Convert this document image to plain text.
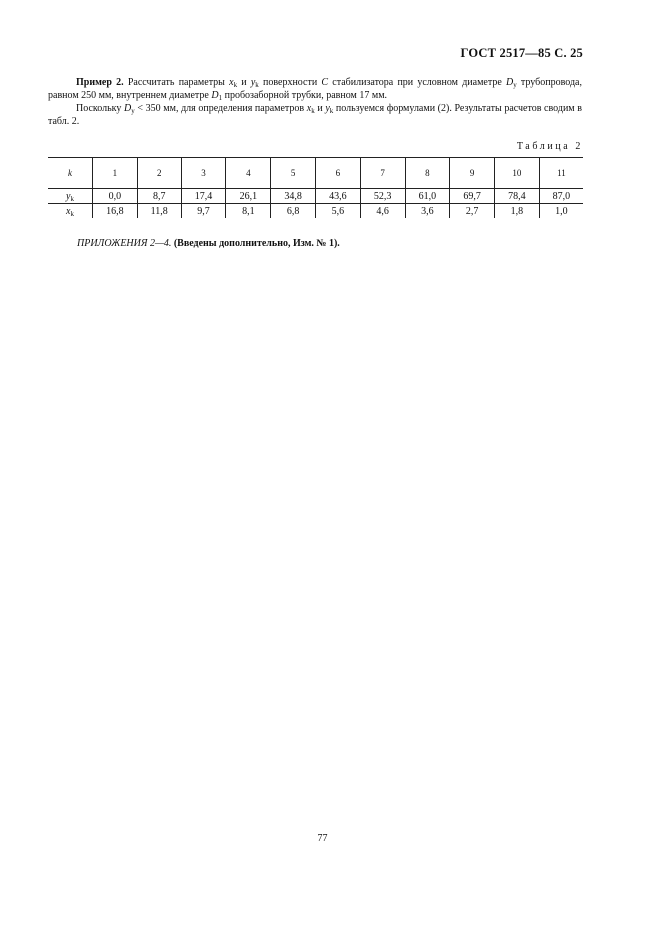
ГОСТ 2517—85 С. 25
Пример 2. Рассчитать параметры $x_k$ и $y_k$ поверхности С стабилизатора при условном диаметре $D_y$ трубопровода, равном 250 мм, внутреннем диаметре $D_1$ пробозаборной трубки, равном 17 мм.
Поскольку $D_y < 350$ мм, для определения параметров $x_k$ и $y_k$ пользуемся формулами (2). Результаты расчетов сводим в табл. 2.
Таблица 2
k	1	2	3	4	5	6	7	8	9	10	11
$y_k$	0,0	8,7	17,4	26,1	34,8	43,6	52,3	61,0	69,7	78,4	87,0
$x_k$	16,8	11,8	9,7	8,1	6,8	5,6	4,6	3,6	2,7	1,8	1,0
ПРИЛОЖЕНИЯ 2—4. (Введены дополнительно, Изм. № 1).
77
